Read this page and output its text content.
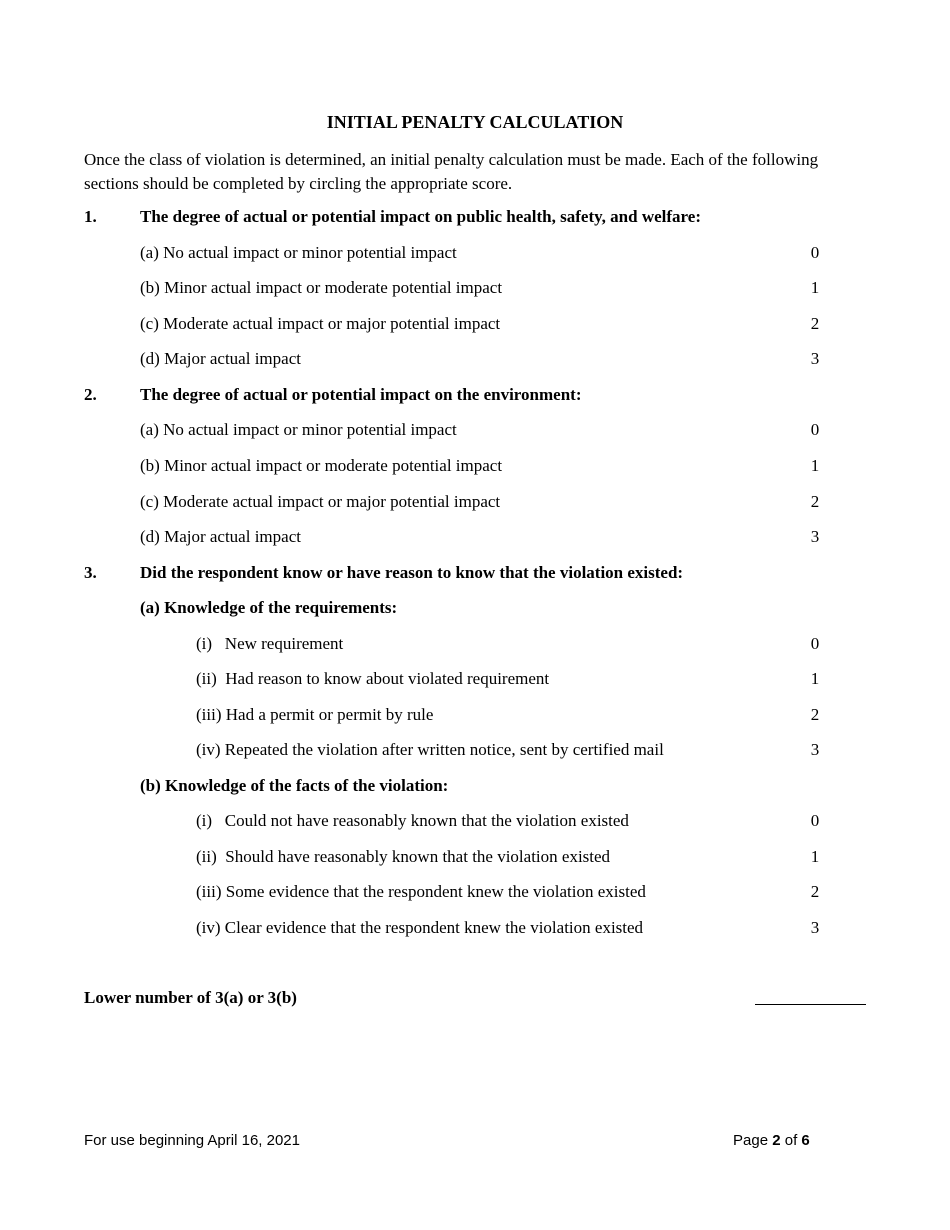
INITIAL PENALTY CALCULATION
Once the class of violation is determined, an initial penalty calculation must be made. Each of the following sections should be completed by circling the appropriate score.
1.	The degree of actual or potential impact on public health, safety, and welfare:
(a) No actual impact or minor potential impact	0
(b) Minor actual impact or moderate potential impact	1
(c) Moderate actual impact or major potential impact	2
(d) Major actual impact	3
2.	The degree of actual or potential impact on the environment:
(a) No actual impact or minor potential impact	0
(b) Minor actual impact or moderate potential impact	1
(c) Moderate actual impact or major potential impact	2
(d) Major actual impact	3
3.	Did the respondent know or have reason to know that the violation existed:
(a) Knowledge of the requirements:
(i)   New requirement	0
(ii)  Had reason to know about violated requirement	1
(iii) Had a permit or permit by rule	2
(iv) Repeated the violation after written notice, sent by certified mail	3
(b) Knowledge of the facts of the violation:
(i)   Could not have reasonably known that the violation existed	0
(ii)  Should have reasonably known that the violation existed	1
(iii) Some evidence that the respondent knew the violation existed	2
(iv) Clear evidence that the respondent knew the violation existed	3
Lower number of 3(a) or 3(b)
For use beginning April 16, 2021	Page 2 of 6
